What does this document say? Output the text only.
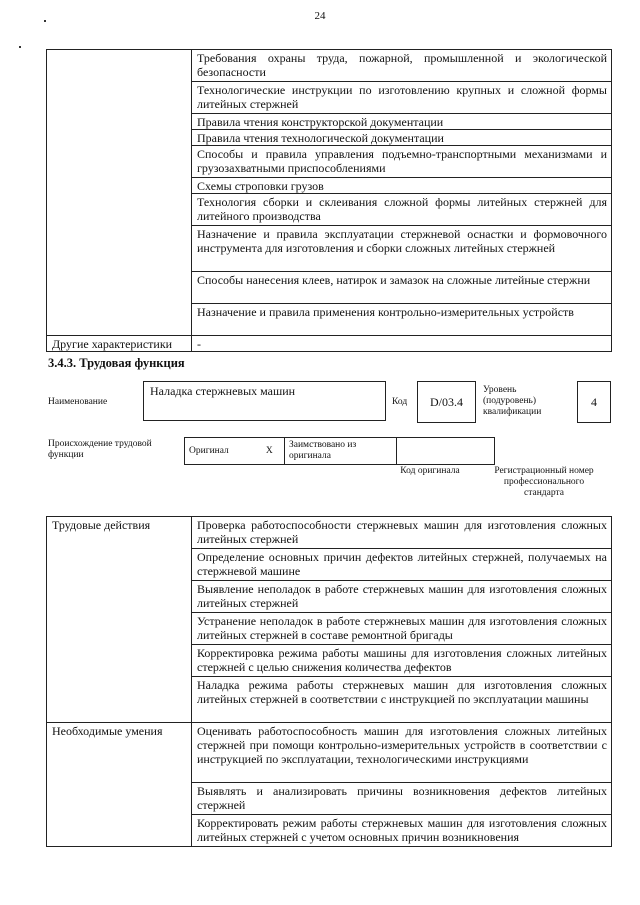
24
	Требования охраны труда, пожарной, промышленной и экологической безопасности
	Технологические инструкции по изготовлению крупных и сложной формы литейных стержней
	Правила чтения конструкторской документации
	Правила чтения технологической документации
	Способы и правила управления подъемно-транспортными механизмами и грузозахватными приспособлениями
	Схемы строповки грузов
	Технология сборки и склеивания сложной формы литейных стержней для литейного производства
	Назначение и правила эксплуатации стержневой оснастки и формовочного инструмента для изготовления и сборки сложных литейных стержней
	Способы нанесения клеев, натирок и замазок на сложные литейные стержни
	Назначение и правила применения контрольно-измерительных устройств
Другие характеристики	-
3.4.3. Трудовая функция
Наименование
Наладка стержневых машин
Код	D/03.4
Уровень (подуровень) квалификации
4
Происхождение трудовой функции	Оригинал	X	Заимствовано из оригинала		
Код оригинала	Регистрационный номер профессионального стандарта
Трудовые действия	Проверка работоспособности стержневых машин для изготовления сложных литейных стержней
	Определение основных причин дефектов литейных стержней, получаемых на стержневой машине
	Выявление неполадок в работе стержневых машин для изготовления сложных литейных стержней
	Устранение неполадок в работе стержневых машин для изготовления сложных литейных стержней в составе ремонтной бригады
	Корректировка режима работы машины для изготовления сложных литейных стержней с целью снижения количества дефектов
	Наладка режима работы стержневых машин для изготовления сложных литейных стержней в соответствии с инструкцией по эксплуатации машины
Необходимые умения	Оценивать работоспособность машин для изготовления сложных литейных стержней при помощи контрольно-измерительных устройств в соответствии с инструкцией по эксплуатации, технологическими инструкциями
	Выявлять и анализировать причины возникновения дефектов литейных стержней
	Корректировать режим работы стержневых машин для изготовления сложных литейных стержней с учетом основных причин возникновения
